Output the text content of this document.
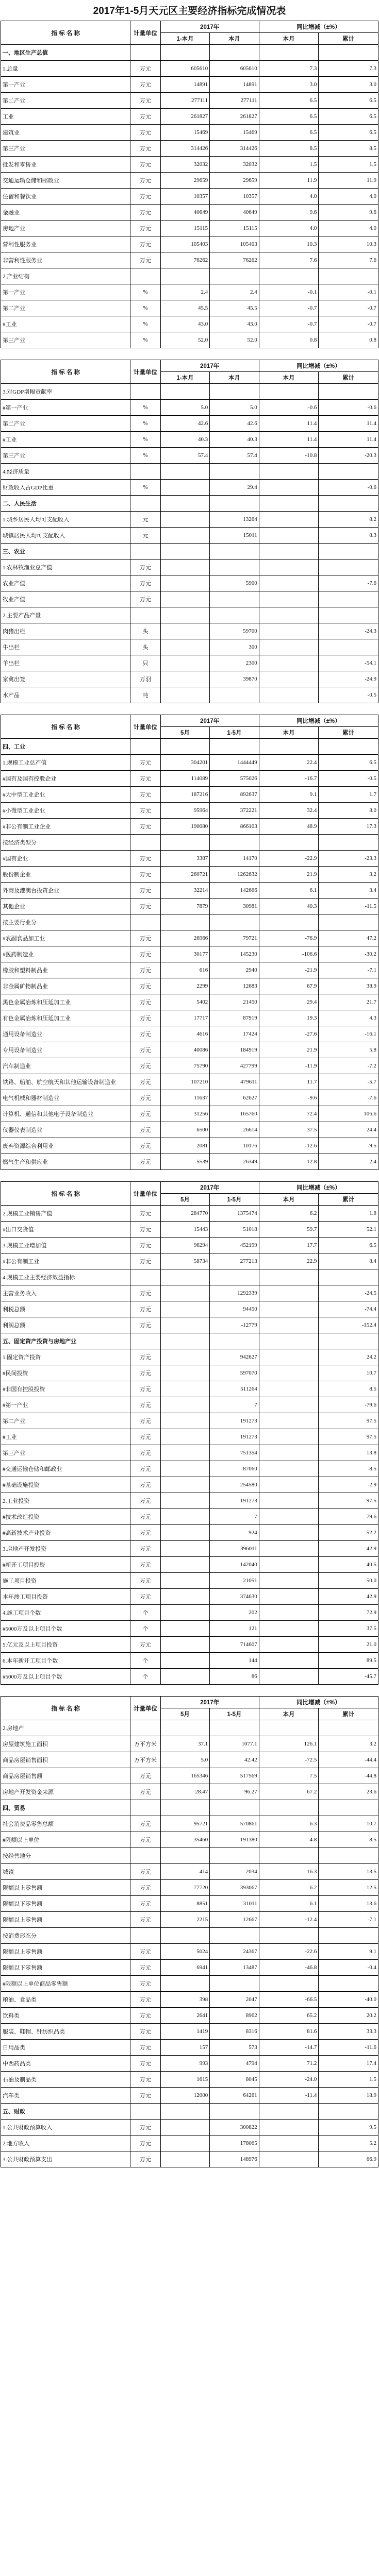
2017年1-5月天元区主要经济指标完成情况表
指 标 名 称	计量单位	2017年		同比增减（±%）	
		1-本月	本月	本月	累计
一、地区生产总值					
1.总量	万元	605610	605610	7.3	7.3
第一产业	万元	14891	14891	3.0	3.0
第二产业	万元	277111	277111	6.5	6.5
工业	万元	261827	261827	6.5	6.5
建筑业	万元	15469	15469	6.5	6.5
第三产业	万元	314426	314426	8.5	8.5
批发和零售业	万元	32032	32032	1.5	1.5
交通运输仓储和邮政业	万元	29659	29659	11.9	11.9
住宿和餐饮业	万元	10357	10357	4.0	4.0
金融业	万元	40649	40649	9.6	9.6
房地产业	万元	15115	15115	4.0	4.0
营利性服务业	万元	105403	105403	10.3	10.3
非营利性服务业	万元	76262	76262	7.6	7.6
2.产业结构					
第一产业	%	2.4	2.4	-0.1	-0.1
第二产业	%	45.5	45.5	-0.7	-0.7
#工业	%	43.0	43.0	-0.7	-0.7
第三产业	%	52.0	52.0	0.8	0.8
指 标 名 称	计量单位	2017年		同比增减（±%）	
		1-本月	本月	本月	累计
3.对GDP增幅贡献率					
#第一产业	%	5.0	5.0	-0.6	-0.6
第二产业	%	42.6	42.6	11.4	11.4
#工业	%	40.3	40.3	11.4	11.4
第三产业	%	57.4	57.4	-10.8	-20.3
4.经济质量					
财政收入占GDP比重	%		29.4		-0.6
二、人民生活					
1.城乡居民人均可支配收入	元		13264		8.2
城镇居民人均可支配收入	元		15011		8.3
三、农业					
1.农林牧渔业总产值	万元				
农业产值	万元		5900		-7.6
牧业产值	万元				
2.主要产品产量					
肉猪出栏	头		59700		-24.3
牛出栏	头		300		
羊出栏	只		2300		-54.1
家禽出笼	万羽		39870		-24.9
水产品	吨				-0.5
指 标 名 称	计量单位	2017年		同比增减（±%）	
		5月	1-5月	本月	累计
四、工业					
1.规模工业总产值	万元	304201	1444449	22.4	6.5
#国有及国有控股企业	万元	114089	575026	-16.7	-0.5
#大中型工业企业	万元	187216	892637	9.1	1.7
#小微型工业企业	万元	95964	372221	32.4	8.0
#非公有制工业企业	万元	190080	866103	48.9	17.3
按经济类型分					
#国有企业	万元	3387	14170	-22.9	-23.3
股份制企业	万元	260721	1262632	21.9	3.2
外商及港澳台投资企业	万元	32214	142666	6.1	3.4
其他企业	万元	7879	30981	40.3	-11.5
按主要行业分					
#农副食品加工业	万元	26966	79721	-76.9	47.2
#医药制造业	万元	30177	145230	-106.6	-30.2
橡胶和塑料制品业	万元	616	2940	-21.9	-7.1
非金属矿物制品业	万元	2299	12683	67.9	38.9
黑色金属冶炼和压延加工业	万元	5402	21450	29.4	21.7
有色金属冶炼和压延加工业	万元	17717	87919	19.3	4.3
通用设备制造业	万元	4616	17424	-27.6	-16.1
专用设备制造业	万元	40086	184919	21.9	5.8
汽车制造业	万元	75790	427799	-11.9	-7.2
铁路、船舶、航空航天和其他运输设备制造业	万元	107210	479611	11.7	-5.7
电气机械和器材制造业	万元	11637	62627	-9.6	-7.6
计算机、通信和其他电子设备制造业	万元	31256	165760	72.4	106.6
仪器仪表制造业	万元	6500	26614	37.5	24.4
废弃资源综合利用业	万元	2081	10176	-12.6	-9.5
燃气生产和供应业	万元	5539	26349	12.8	2.4
指 标 名 称	计量单位	2017年		同比增减（±%）	
		5月	1-5月	本月	累计
2.规模工业销售产值	万元	284770	1375474	6.2	1.8
#出口交货值	万元	15443	51018	59.7	52.1
3.规模工业增加值	万元	96294	452199	17.7	6.5
#非公有制工业	万元	58734	277213	22.9	8.4
4.规模工业主要经济效益指标					
主营业务收入	万元		1292339		-24.5
利税总额	万元		94450		-74.4
利润总额	万元		-12779		-152.4
五、固定资产投资与房地产业					
1.固定资产投资	万元		942627		24.2
#民间投资	万元		597070		10.7
#非国有控股投资	万元		511264		8.5
#第一产业	万元		7		-79.6
第二产业	万元		191273		97.5
#工业	万元		191273		97.5
第三产业	万元		751354		13.8
#交通运输仓储和邮政业	万元		87060		-8.5
#基础设施投资	万元		254580		-2.9
2.工业投资	万元		191273		97.5
#技术改造投资	万元		7		-79.6
#高新技术产业投资	万元		924		-52.2
3.房地产开发投资	万元		396011		42.9
#新开工项目投资	万元		142040		40.5
施工项目投资	万元		21051		50.0
本年竣工项目投资	万元		374630		42.9
4.施工项目个数	个		202		72.9
#5000万及以上项目个数	个		121		37.5
5.亿元及以上项目投资	万元		714607		21.0
6.本年新开工项目个数	个		144		89.5
#5000万及以上项目个数	个		86		-45.7
指 标 名 称	计量单位	2017年		同比增减（±%）	
		5月	1-5月	本月	累计
2.房地产					
房屋建筑施工面积	万平方米	37.1	1077.1	126.1	3.2
商品房屋销售面积	万平方米	5.0	42.42	-72.5	-44.4
商品房屋销售额	万元	165346	517569	7.5	-44.8
房地产开发资金来源	万元	28.47	96.27	67.2	23.6
四、贸易					
社会消费品零售总额	万元	95721	570861	6.3	10.7
#限额以上单位	万元	35460	191380	4.8	8.5
按经营地分					
城镇	万元	414	2034	16.3	13.5
限额以上零售额	万元	77720	393067	6.2	12.5
限额以下零售额	万元	8851	31011	6.1	13.6
限额以上零售额	万元	2215	12667	-12.4	-7.1
按消费形态分					
限额以上零售额	万元	5024	24367	-22.6	9.1
限额以下零售额	万元	6941	13487	-46.8	-0.4
#限额以上单位商品零售额	万元				
粮油、食品类	万元	398	2047	-66.5	-40.0
饮料类	万元	2641	8962	65.2	20.2
服装、鞋帽、针纺织品类	万元	1419	8316	81.6	33.3
日用品类	万元	157	573	-14.7	-11.6
中西药品类	万元	993	4794	71.2	17.4
石油及制品类	万元	1615	8045	-24.0	1.5
汽车类	万元	12000	64261	-11.4	18.9
五、财政					
1.公共财政预算收入	万元		300822		9.5
2.地方收入	万元		178065		5.2
3.公共财政预算支出	万元		148976		66.9
